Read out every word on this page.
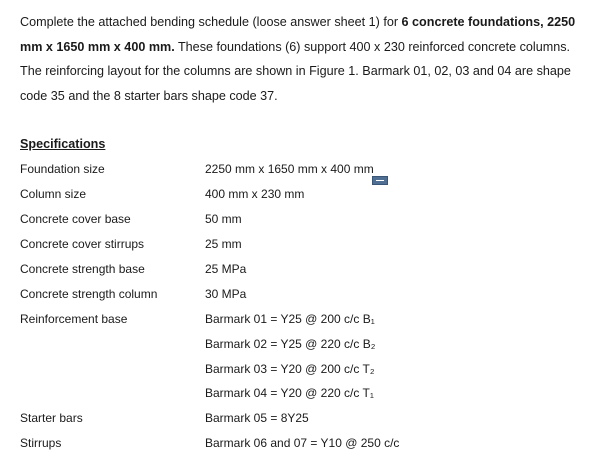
Complete the attached bending schedule (loose answer sheet 1) for 6 concrete foundations, 2250 mm x 1650 mm x 400 mm. These foundations (6) support 400 x 230 reinforced concrete columns. The reinforcing layout for the columns are shown in Figure 1. Barmark 01, 02, 03 and 04 are shape code 35 and the 8 starter bars shape code 37.

Specifications

Foundation size	2250 mm x 1650 mm x 400 mm
Column size	400 mm x 230 mm
Concrete cover base	50 mm
Concrete cover stirrups	25 mm
Concrete strength base	25 MPa
Concrete strength column	30 MPa
Reinforcement base	Barmark 01 = Y25 @ 200 c/c B₁
Barmark 02 = Y25 @ 220 c/c B₂
Barmark 03 = Y20 @ 200 c/c T₂
Barmark 04 = Y20 @ 220 c/c T₁
Starter bars	Barmark 05 = 8Y25
Stirrups	Barmark 06 and 07 = Y10 @ 250 c/c
